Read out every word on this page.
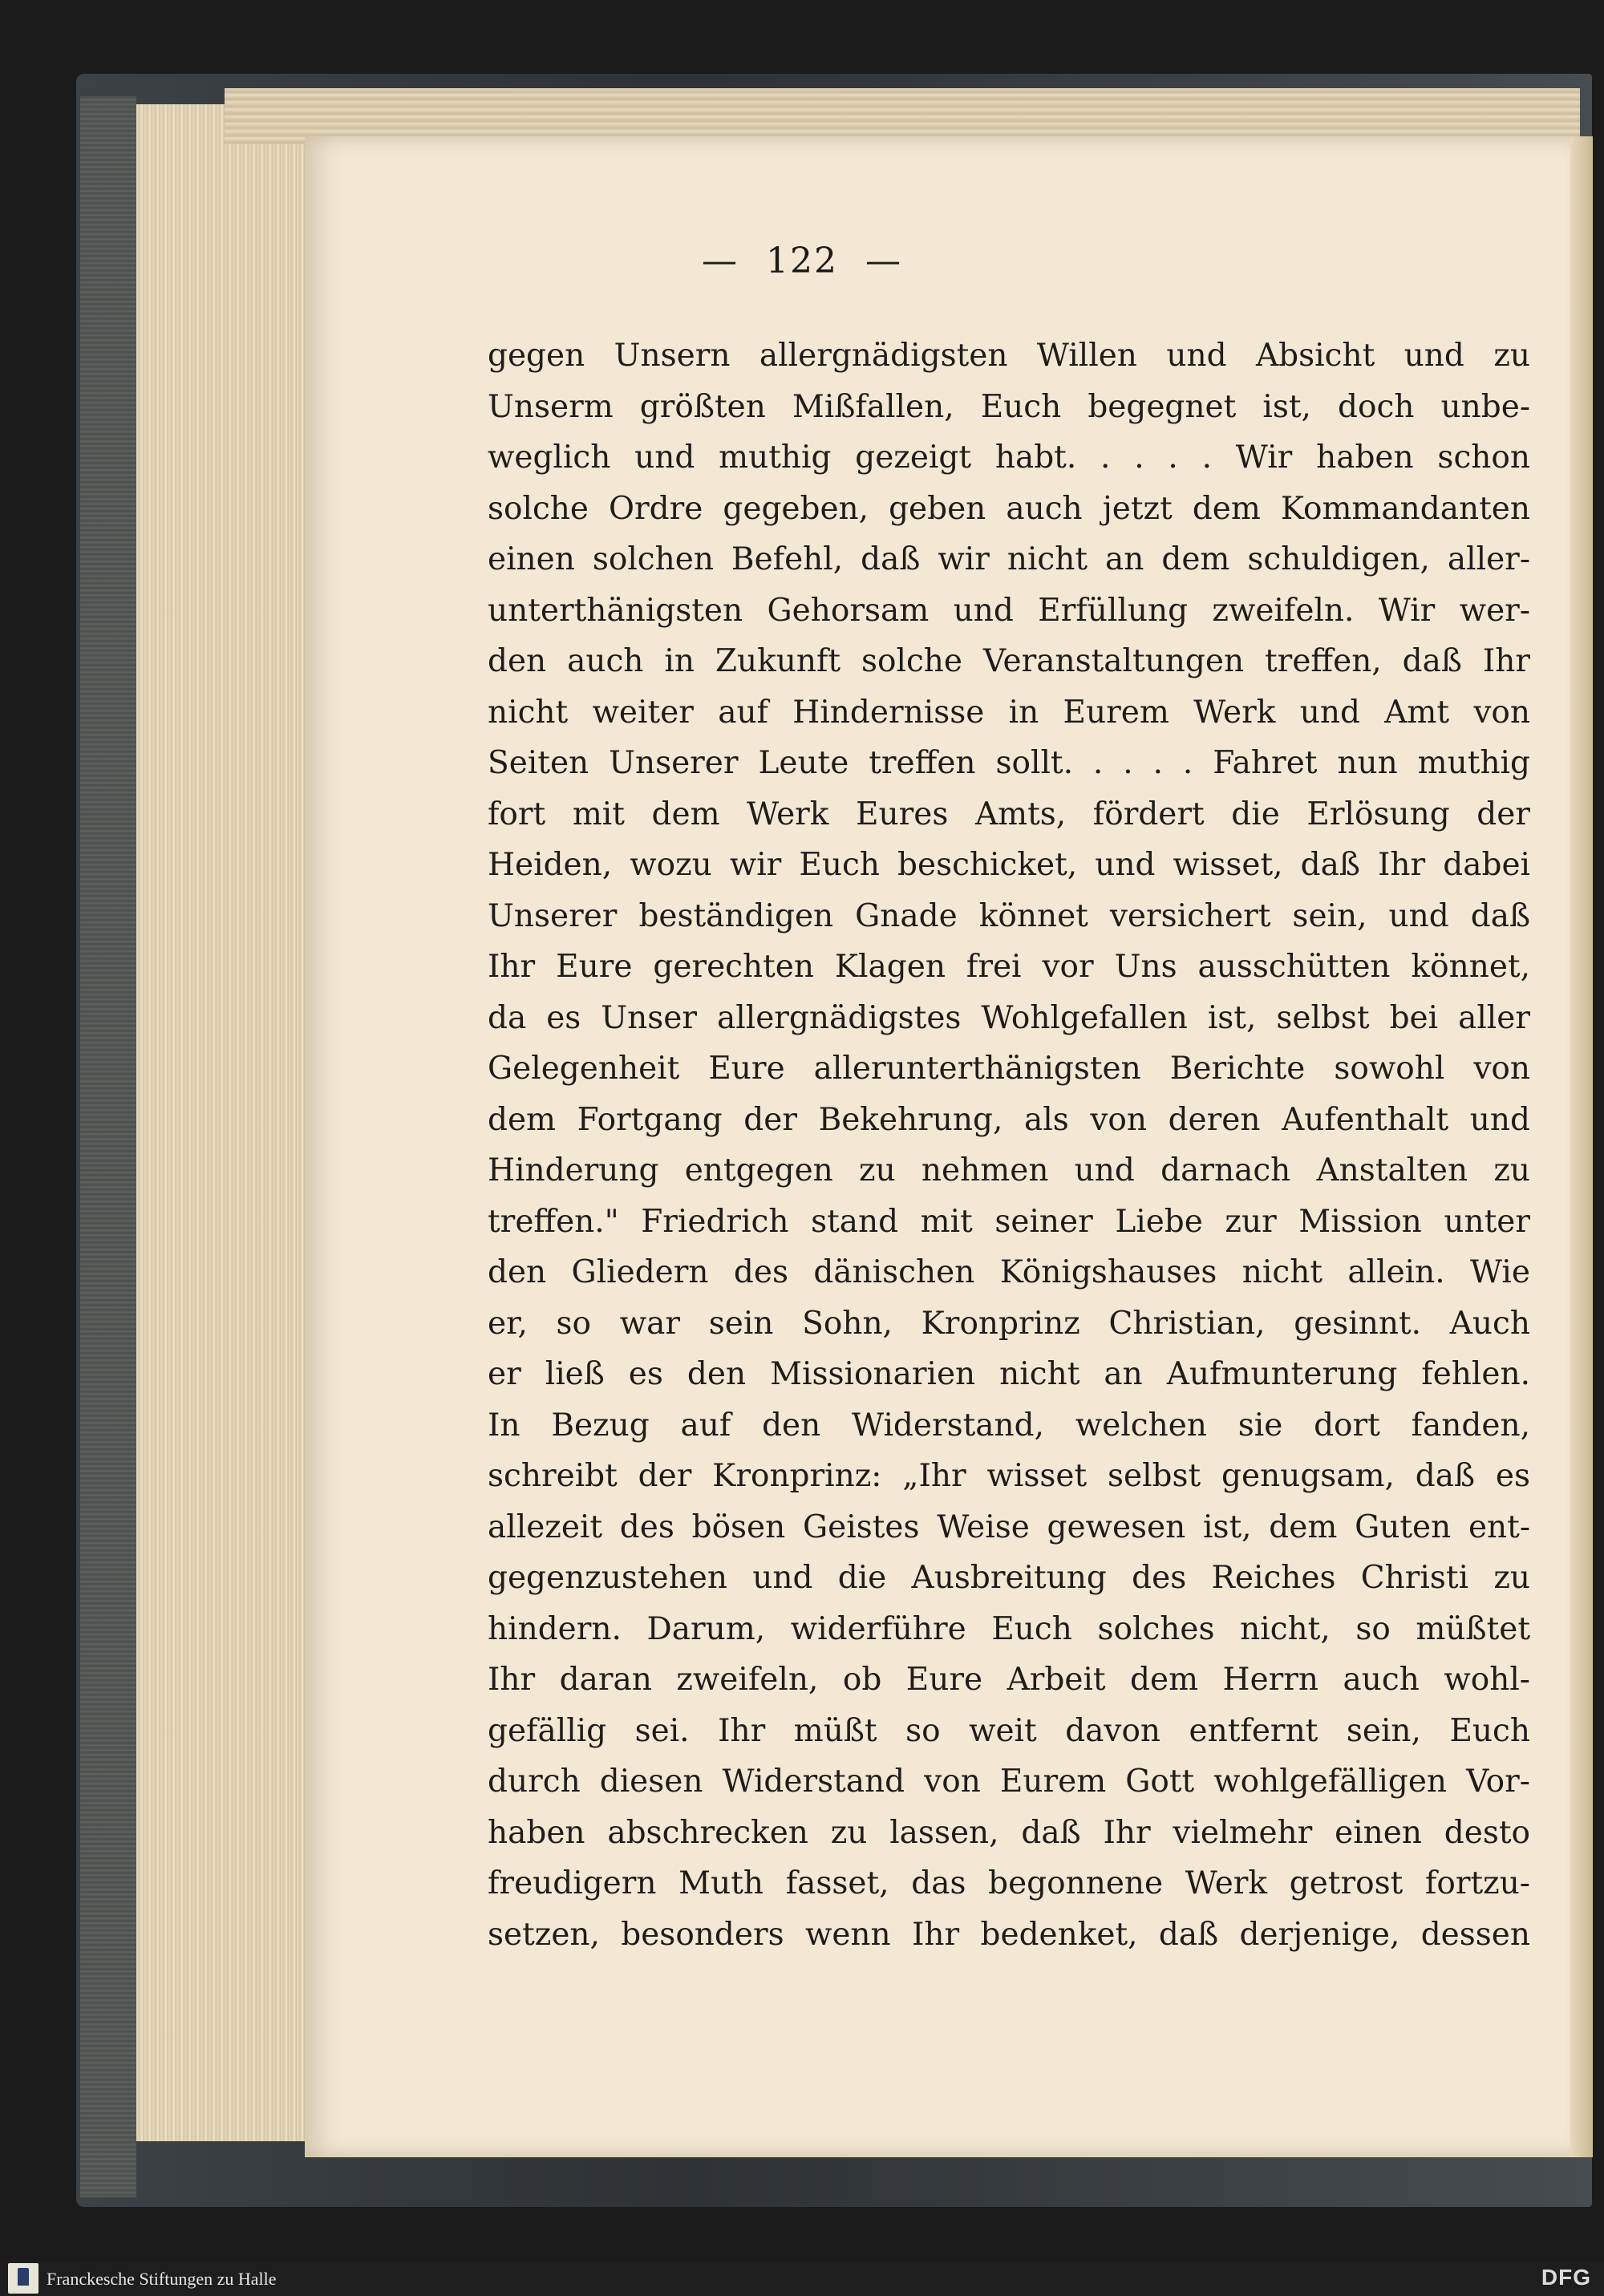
— 122 —
gegen Unsern allergnädigsten Willen und Absicht und zu
Unserm größten Mißfallen, Euch begegnet ist, doch unbe-
weglich und muthig gezeigt habt. . . . . Wir haben schon
solche Ordre gegeben, geben auch jetzt dem Kommandanten
einen solchen Befehl, daß wir nicht an dem schuldigen, aller-
unterthänigsten Gehorsam und Erfüllung zweifeln. Wir wer-
den auch in Zukunft solche Veranstaltungen treffen, daß Ihr
nicht weiter auf Hindernisse in Eurem Werk und Amt von
Seiten Unserer Leute treffen sollt. . . . . Fahret nun muthig
fort mit dem Werk Eures Amts, fördert die Erlösung der
Heiden, wozu wir Euch beschicket, und wisset, daß Ihr dabei
Unserer beständigen Gnade könnet versichert sein, und daß
Ihr Eure gerechten Klagen frei vor Uns ausschütten könnet,
da es Unser allergnädigstes Wohlgefallen ist, selbst bei aller
Gelegenheit Eure allerunterthänigsten Berichte sowohl von
dem Fortgang der Bekehrung, als von deren Aufenthalt und
Hinderung entgegen zu nehmen und darnach Anstalten zu
treffen." Friedrich stand mit seiner Liebe zur Mission unter
den Gliedern des dänischen Königshauses nicht allein. Wie
er, so war sein Sohn, Kronprinz Christian, gesinnt. Auch
er ließ es den Missionarien nicht an Aufmunterung fehlen.
In Bezug auf den Widerstand, welchen sie dort fanden,
schreibt der Kronprinz: „Ihr wisset selbst genugsam, daß es
allezeit des bösen Geistes Weise gewesen ist, dem Guten ent-
gegenzustehen und die Ausbreitung des Reiches Christi zu
hindern. Darum, widerführe Euch solches nicht, so müßtet
Ihr daran zweifeln, ob Eure Arbeit dem Herrn auch wohl-
gefällig sei. Ihr müßt so weit davon entfernt sein, Euch
durch diesen Widerstand von Eurem Gott wohlgefälligen Vor-
haben abschrecken zu lassen, daß Ihr vielmehr einen desto
freudigern Muth fasset, das begonnene Werk getrost fortzu-
setzen, besonders wenn Ihr bedenket, daß derjenige, dessen
Franckesche Stiftungen zu Halle	DFG
